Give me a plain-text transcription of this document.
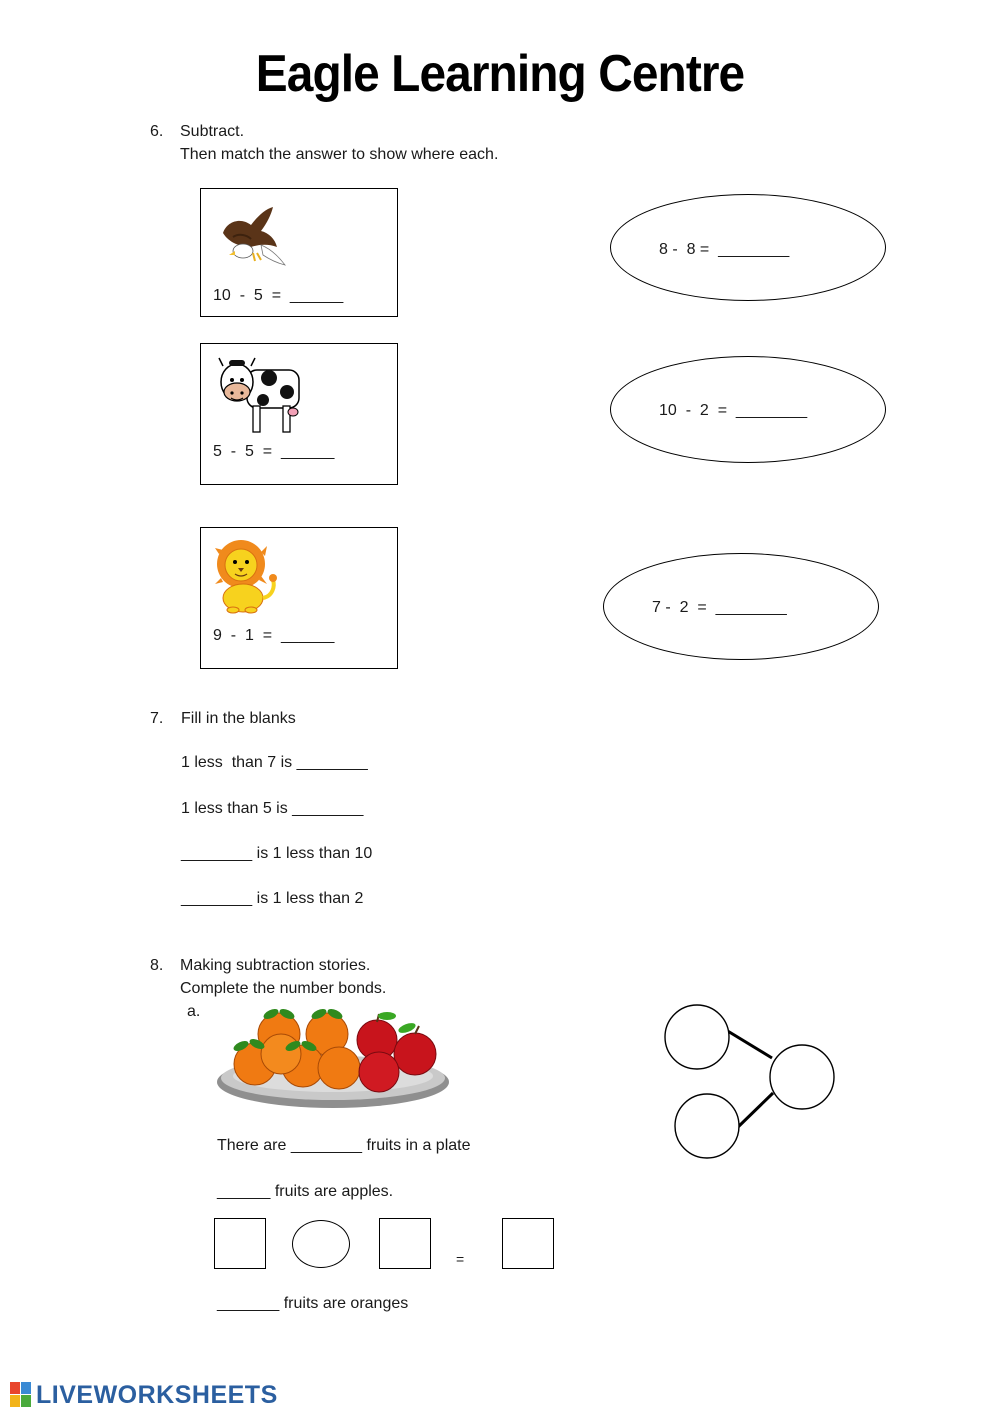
Eagle Learning Centre
6. Subtract.
Then match the answer to show where each.
10  -  5  =  ______
5  -  5  =  ______
9  -  1  =  ______
8 -  8 =  ________
10  -  2  =  ________
7 -  2  =  ________
7. Fill in the blanks
1 less  than 7 is ________
1 less than 5 is ________
________ is 1 less than 10
________ is 1 less than 2
8. Making subtraction stories.
Complete the number bonds.
a.
There are ________ fruits in a plate
______ fruits are apples.
=
_______ fruits are oranges
LIVEWORKSHEETS
